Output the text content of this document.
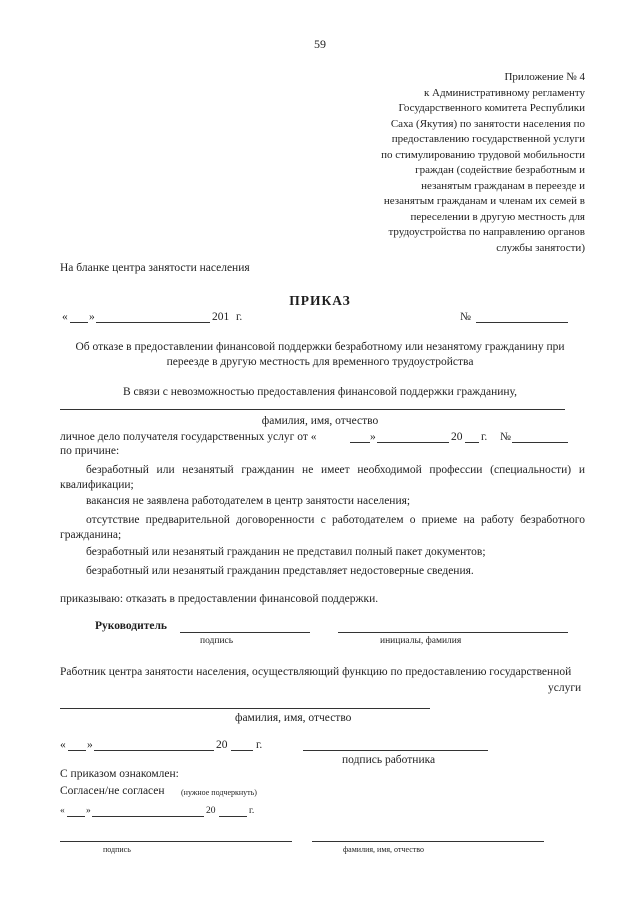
59
Приложение № 4
к Административному регламенту
Государственного комитета Республики
Саха (Якутия) по занятости населения по
предоставлению государственной услуги
по стимулированию трудовой мобильности
граждан (содействие безработным и
незанятым гражданам в переезде и
незанятым гражданам и членам их семей в
переселении в другую местность для
трудоустройства по направлению органов
службы занятости)
На бланке центра занятости населения
ПРИКАЗ
« »	201 г.	№
Об отказе в предоставлении финансовой поддержки безработному или незанятому гражданину при переезде в другую местность для временного трудоустройства
В связи с невозможностью предоставления финансовой поддержки гражданину,
фамилия, имя, отчество
личное дело получателя государственных услуг от «	»	20 г. №
по причине:
безработный или незанятый гражданин не имеет необходимой профессии (специальности) и квалификации;
вакансия не заявлена работодателем в центр занятости населения;
отсутствие предварительной договоренности с работодателем о приеме на работу безработного гражданина;
безработный или незанятый гражданин не представил полный пакет документов;
безработный или незанятый гражданин представляет недостоверные сведения.
приказываю: отказать в предоставлении финансовой поддержки.
Руководитель
подпись	инициалы, фамилия
Работник центра занятости населения, осуществляющий функцию по предоставлению государственной
услуги
фамилия, имя, отчество
« »	20 г.
подпись работника
С приказом ознакомлен:
Согласен/не согласен (нужное подчеркнуть)
« »	20	г.
подпись	фамилия, имя, отчество
